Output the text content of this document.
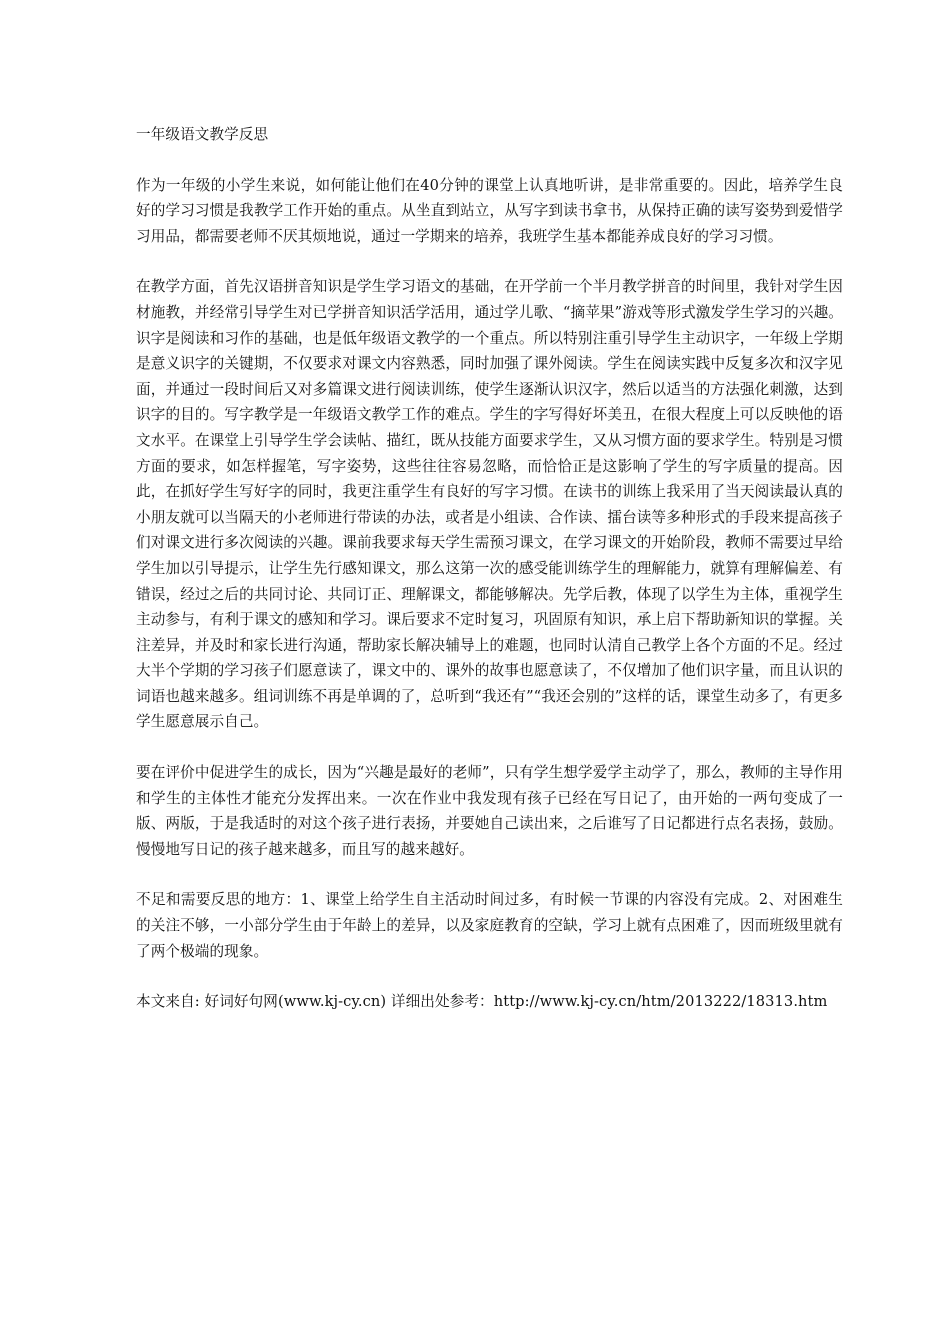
一年级语文教学反思

作为一年级的小学生来说，如何能让他们在40分钟的课堂上认真地听讲，是非常重要的。因此，培养学生良好的学习习惯是我教学工作开始的重点。从坐直到站立，从写字到读书拿书，从保持正确的读写姿势到爱惜学习用品，都需要老师不厌其烦地说，通过一学期来的培养，我班学生基本都能养成良好的学习习惯。

在教学方面，首先汉语拼音知识是学生学习语文的基础，在开学前一个半月教学拼音的时间里，我针对学生因材施教，并经常引导学生对已学拼音知识活学活用，通过学儿歌、“摘苹果”游戏等形式激发学生学习的兴趣。识字是阅读和习作的基础，也是低年级语文教学的一个重点。所以特别注重引导学生主动识字，一年级上学期是意义识字的关键期，不仅要求对课文内容熟悉，同时加强了课外阅读。学生在阅读实践中反复多次和汉字见面，并通过一段时间后又对多篇课文进行阅读训练，使学生逐渐认识汉字，然后以适当的方法强化刺激，达到识字的目的。写字教学是一年级语文教学工作的难点。学生的字写得好坏美丑，在很大程度上可以反映他的语文水平。在课堂上引导学生学会读帖、描红，既从技能方面要求学生，又从习惯方面的要求学生。特别是习惯方面的要求，如怎样握笔，写字姿势，这些往往容易忽略，而恰恰正是这影响了学生的写字质量的提高。因此，在抓好学生写好字的同时，我更注重学生有良好的写字习惯。在读书的训练上我采用了当天阅读最认真的小朋友就可以当隔天的小老师进行带读的办法，或者是小组读、合作读、擂台读等多种形式的手段来提高孩子们对课文进行多次阅读的兴趣。课前我要求每天学生需预习课文，在学习课文的开始阶段，教师不需要过早给学生加以引导提示，让学生先行感知课文，那么这第一次的感受能训练学生的理解能力，就算有理解偏差、有错误，经过之后的共同讨论、共同订正、理解课文，都能够解决。先学后教，体现了以学生为主体，重视学生主动参与，有利于课文的感知和学习。课后要求不定时复习，巩固原有知识，承上启下帮助新知识的掌握。关注差异，并及时和家长进行沟通，帮助家长解决辅导上的难题，也同时认清自己教学上各个方面的不足。经过大半个学期的学习孩子们愿意读了，课文中的、课外的故事也愿意读了，不仅增加了他们识字量，而且认识的词语也越来越多。组词训练不再是单调的了，总听到“我还有”“我还会别的”这样的话，课堂生动多了，有更多学生愿意展示自己。

要在评价中促进学生的成长，因为“兴趣是最好的老师”，只有学生想学爱学主动学了，那么，教师的主导作用和学生的主体性才能充分发挥出来。一次在作业中我发现有孩子已经在写日记了，由开始的一两句变成了一版、两版，于是我适时的对这个孩子进行表扬，并要她自己读出来，之后谁写了日记都进行点名表扬，鼓励。慢慢地写日记的孩子越来越多，而且写的越来越好。

不足和需要反思的地方：1、课堂上给学生自主活动时间过多，有时候一节课的内容没有完成。2、对困难生的关注不够，一小部分学生由于年龄上的差异，以及家庭教育的空缺，学习上就有点困难了，因而班级里就有了两个极端的现象。

本文来自: 好词好句网(www.kj-cy.cn) 详细出处参考：http://www.kj-cy.cn/htm/2013222/18313.htm
